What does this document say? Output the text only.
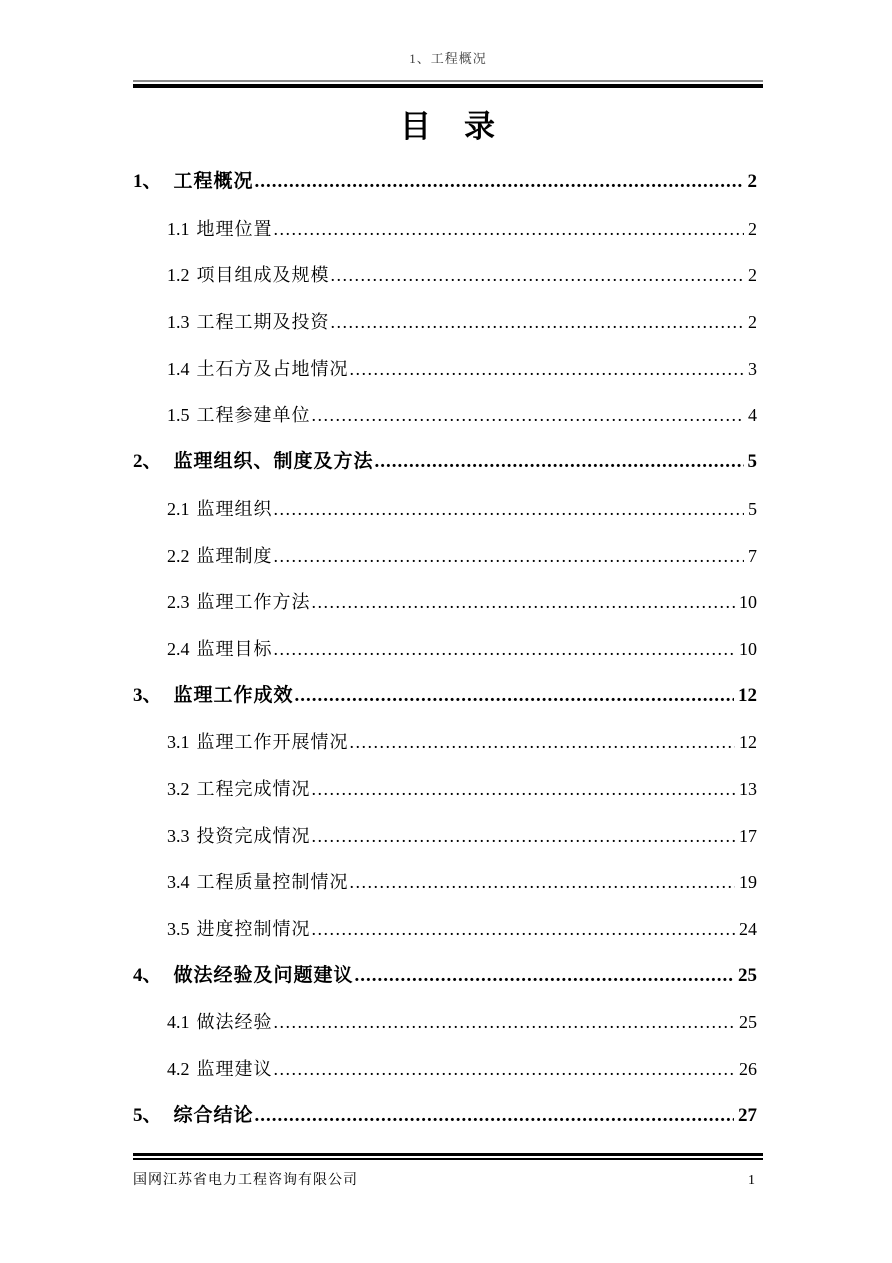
1、工程概况
目　录
1、 工程概况 .....	2
1.1 地理位置 .....	2
1.2 项目组成及规模 .....	2
1.3 工程工期及投资 .....	2
1.4 土石方及占地情况 .....	3
1.5 工程参建单位 .....	4
2、 监理组织、制度及方法 .....	5
2.1 监理组织 .....	5
2.2 监理制度 .....	7
2.3 监理工作方法 .....	10
2.4 监理目标 .....	10
3、 监理工作成效 .....	12
3.1 监理工作开展情况 .....	12
3.2 工程完成情况 .....	13
3.3 投资完成情况 .....	17
3.4 工程质量控制情况 .....	19
3.5 进度控制情况 .....	24
4、 做法经验及问题建议 .....	25
4.1 做法经验 .....	25
4.2 监理建议 .....	26
5、 综合结论 .....	27
国网江苏省电力工程咨询有限公司	1
